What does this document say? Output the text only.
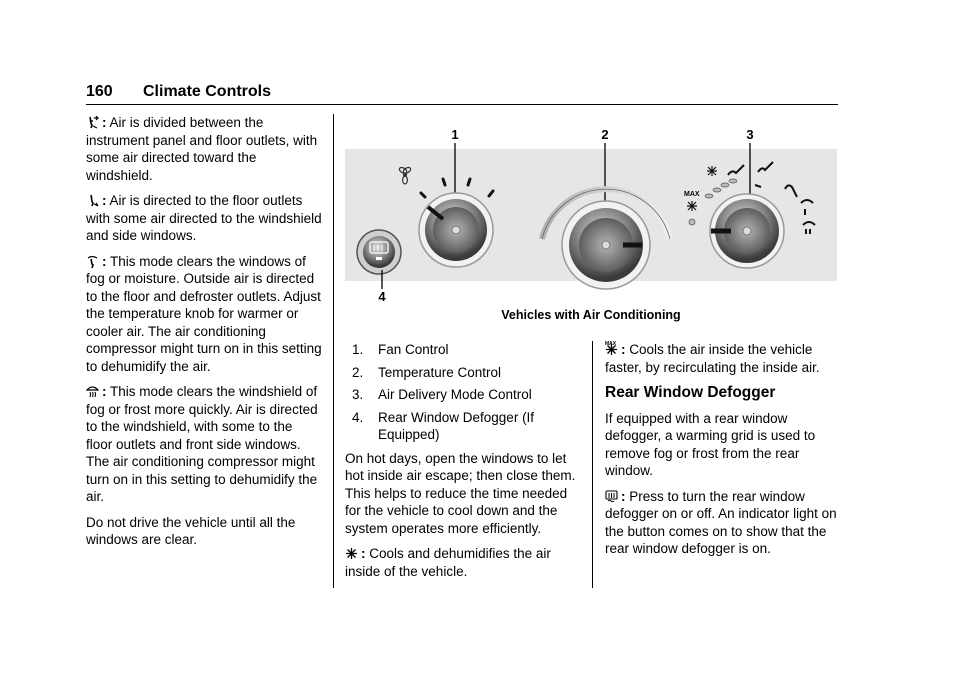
160 Climate Controls

: Air is divided between the instrument panel and floor outlets, with some air directed toward the windshield.

: Air is directed to the floor outlets with some air directed to the windshield and side windows.

: This mode clears the windows of fog or moisture. Outside air is directed to the floor and defroster outlets. Adjust the temperature knob for warmer or cooler air. The air conditioning compressor might turn on in this setting to dehumidify the air.

: This mode clears the windshield of fog or frost more quickly. Air is directed to the windshield, with some to the floor outlets and front side windows. The air conditioning compressor might turn on in this setting to dehumidify the air.

Do not drive the vehicle until all the windows are clear.

1	2	3
4
MAX
Vehicles with Air Conditioning
1. Fan Control
2. Temperature Control
3. Air Delivery Mode Control
4. Rear Window Defogger (If Equipped)

On hot days, open the windows to let hot inside air escape; then close them. This helps to reduce the time needed for the vehicle to cool down and the system operates more efficiently.

: Cools and dehumidifies the air inside of the vehicle.

MAX : Cools the air inside the vehicle faster, by recirculating the inside air.

Rear Window Defogger

If equipped with a rear window defogger, a warming grid is used to remove fog or frost from the rear window.

: Press to turn the rear window defogger on or off. An indicator light on the button comes on to show that the rear window defogger is on.
